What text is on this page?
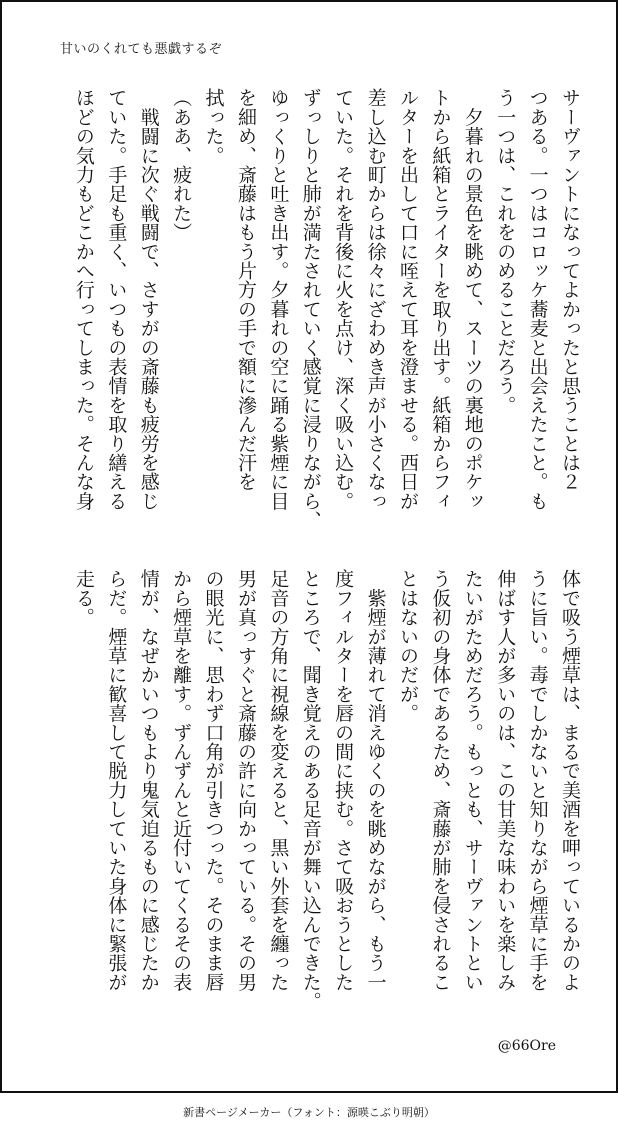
甘いのくれても悪戯するぞ
サーヴァントになってよかったと思うことは２
つある。一つはコロッケ蕎麦と出会えたこと。も
う一つは、これをのめることだろう。
　夕暮れの景色を眺めて、スーツの裏地のポケッ
トから紙箱とライターを取り出す。紙箱からフィ
ルターを出して口に咥えて耳を澄ませる。西日が
差し込む町からは徐々にざわめき声が小さくなっ
ていた。それを背後に火を点け、深く吸い込む。
ずっしりと肺が満たされていく感覚に浸りながら、
ゆっくりと吐き出す。夕暮れの空に踊る紫煙に目
を細め、斎藤はもう片方の手で額に滲んだ汗を
拭った。
（ああ、疲れた）
　戦闘に次ぐ戦闘で、さすがの斎藤も疲労を感じ
ていた。手足も重く、いつもの表情を取り繕える
ほどの気力もどこかへ行ってしまった。そんな身
体で吸う煙草は、まるで美酒を呷っているかのよ
うに旨い。毒でしかないと知りながら煙草に手を
伸ばす人が多いのは、この甘美な味わいを楽しみ
たいがためだろう。もっとも、サーヴァントとい
う仮初の身体であるため、斎藤が肺を侵されるこ
とはないのだが。
　紫煙が薄れて消えゆくのを眺めながら、もう一
度フィルターを唇の間に挟む。さて吸おうとした
ところで、聞き覚えのある足音が舞い込んできた。
足音の方角に視線を変えると、黒い外套を纏った
男が真っすぐと斎藤の許に向かっている。その男
の眼光に、思わず口角が引きつった。そのまま唇
から煙草を離す。ずんずんと近付いてくるその表
情が、なぜかいつもより鬼気迫るものに感じたか
らだ。煙草に歓喜して脱力していた身体に緊張が
走る。
@66Ore
新書ページメーカー（フォント：源暎こぶり明朝）
